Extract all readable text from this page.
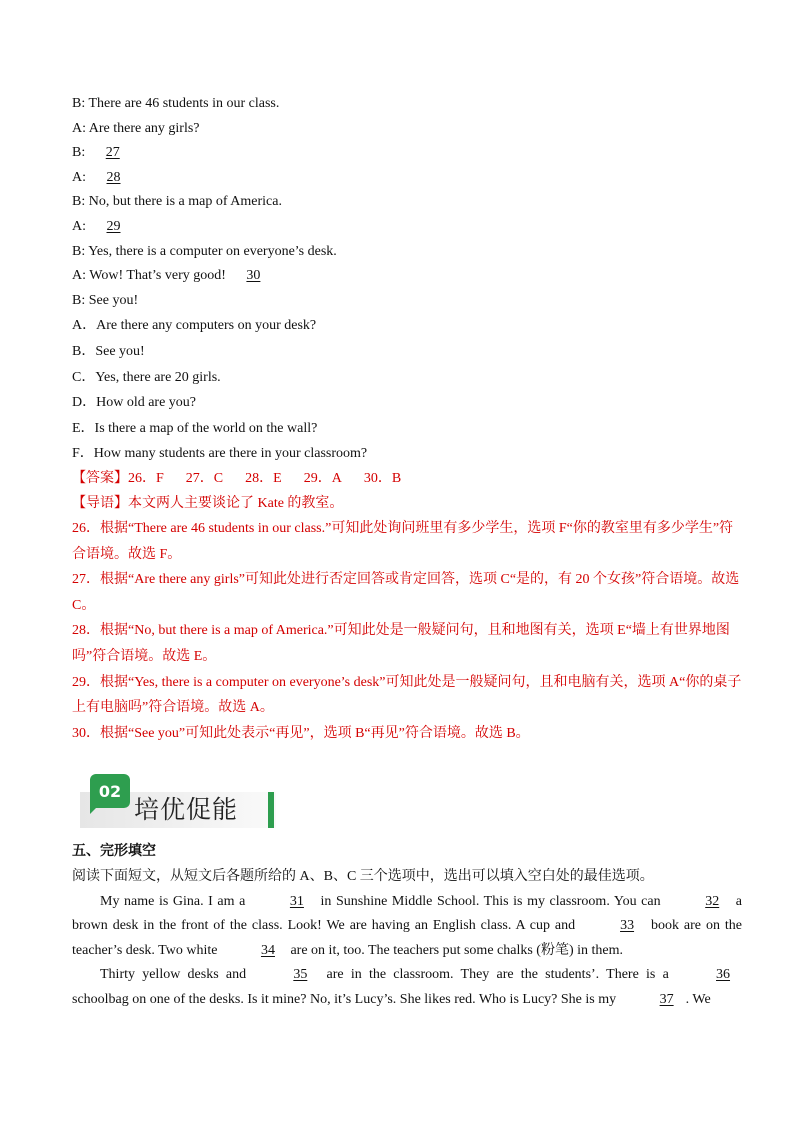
B: There are 46 students in our class.
A: Are there any girls?
B: 27
A: 28
B: No, but there is a map of America.
A: 29
B: Yes, there is a computer on everyone’s desk.
A: Wow! That’s very good! 30
B: See you!
A．Are there any computers on your desk?
B．See you!
C．Yes, there are 20 girls.
D．How old are you?
E．Is there a map of the world on the wall?
F．How many students are there in your classroom?
【答案】26．F 27．C 28．E 29．A 30．B
【导语】本文两人主要谈论了 Kate 的教室。
26．根据“There are 46 students in our class.”可知此处询问班里有多少学生，选项 F“你的教室里有多少学生”符合语境。故选 F。
27．根据“Are there any girls”可知此处进行否定回答或肯定回答，选项 C“是的，有 20 个女孩”符合语境。故选 C。
28．根据“No, but there is a map of America.”可知此处是一般疑问句，且和地图有关，选项 E“墙上有世界地图吗”符合语境。故选 E。
29．根据“Yes, there is a computer on everyone’s desk”可知此处是一般疑问句，且和电脑有关，选项 A“你的桌子上有电脑吗”符合语境。故选 A。
30．根据“See you”可知此处表示“再见”，选项 B“再见”符合语境。故选 B。
02
培优促能
五、完形填空
阅读下面短文，从短文后各题所给的 A、B、C 三个选项中，选出可以填入空白处的最佳选项。
My name is Gina. I am a	31 in Sunshine Middle School. This is my classroom. You can	32 a brown desk in the front of the class. Look! We are having an English class. A cup and	33 book are on the teacher’s desk. Two white	34 are on it, too. The teachers put some chalks (粉笔) in them.
Thirty yellow desks and	35 are in the classroom. They are the students’. There is a	36 schoolbag on one of the desks. Is it mine? No, it’s Lucy’s. She likes red. Who is Lucy? She is my	37 . We
